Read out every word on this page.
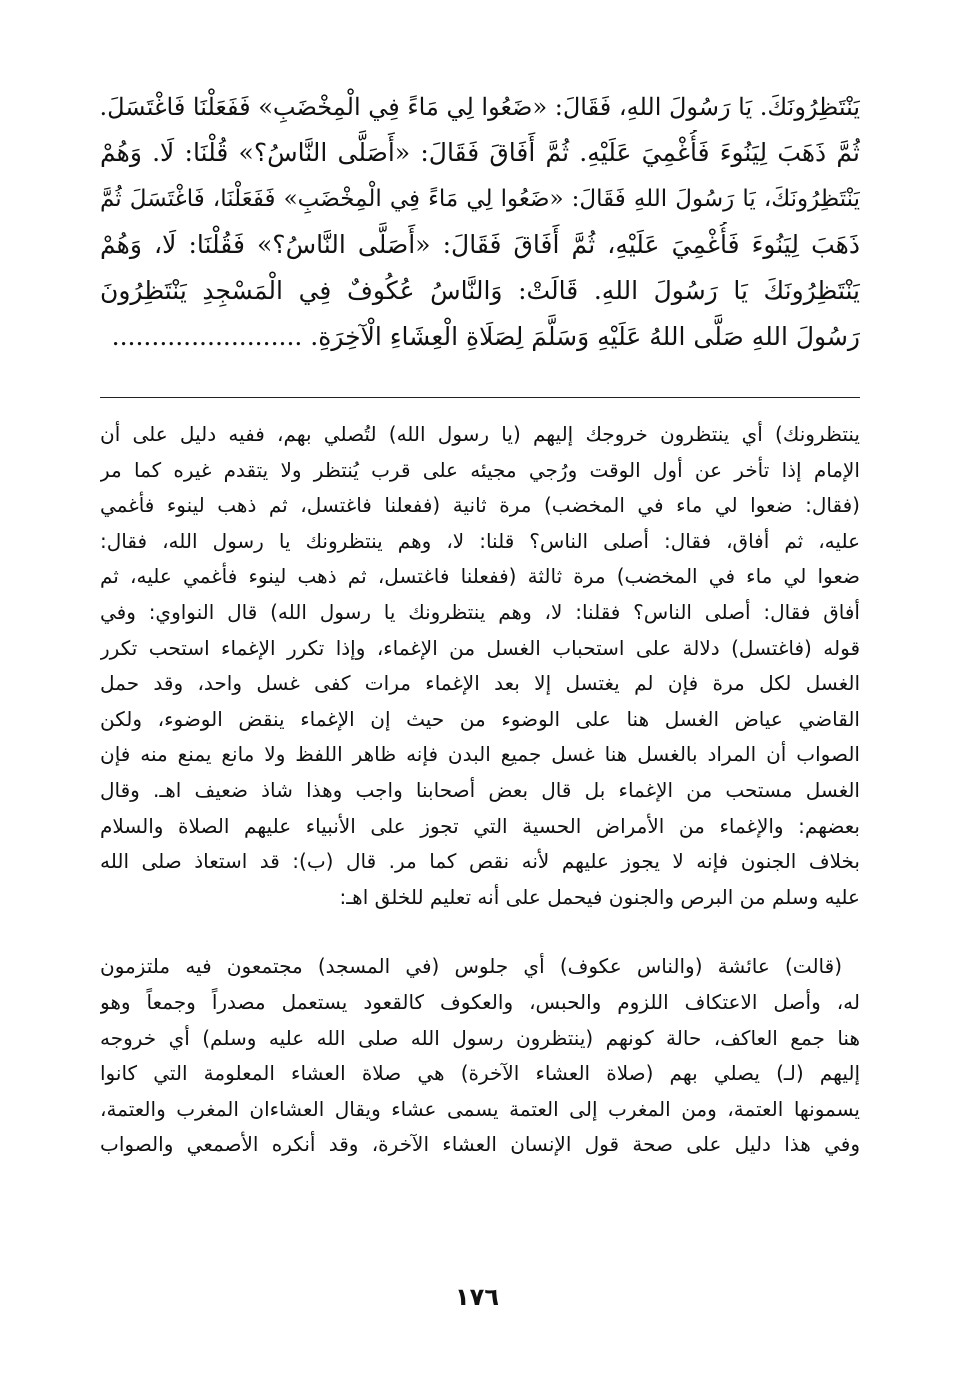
يَنْتَظِرُونَكَ. يَا رَسُولَ اللهِ، فَقَالَ: «ضَعُوا لِي مَاءً فِي الْمِخْضَبِ» فَفَعَلْنَا فَاغْتَسَلَ.

ثُمَّ ذَهَبَ لِيَنُوءَ فَأُغْمِيَ عَلَيْهِ. ثُمَّ أَفَاقَ فَقَالَ: «أَصَلَّى النَّاسُ؟» قُلْنَا: لَا. وَهُمْ

يَنْتَظِرُونَكَ، يَا رَسُولَ اللهِ فَقَالَ: «ضَعُوا لِي مَاءً فِي الْمِخْضَبِ» فَفَعَلْنَا، فَاغْتَسَلَ ثُمَّ

ذَهَبَ لِيَنُوءَ فَأُغْمِيَ عَلَيْهِ، ثُمَّ أَفَاقَ فَقَالَ: «أَصَلَّى النَّاسُ؟» فَقُلْنَا: لَا، وَهُمْ

يَنْتَظِرُونَكَ يَا رَسُولَ اللهِ. قَالَتْ: وَالنَّاسُ عُكُوفٌ فِي الْمَسْجِدِ يَنْتَظِرُونَ

رَسُولَ اللهِ صَلَّى اللهُ عَلَيْهِ وَسَلَّمَ لِصَلَاةِ الْعِشَاءِ الْآخِرَةِ. ........................

ينتظرونك) أي ينتظرون خروجك إليهم (يا رسول الله) لتُصلي بهم، ففيه دليل على أن

الإمام إذا تأخر عن أول الوقت ورُجي مجيئه على قرب يُنتظر ولا يتقدم غيره كما مر

(فقال: ضعوا لي ماء في المخضب) مرة ثانية (ففعلنا فاغتسل، ثم ذهب لينوء فأغمي

عليه، ثم أفاق، فقال: أصلى الناس؟ قلنا: لا، وهم ينتظرونك يا رسول الله، فقال:

ضعوا لي ماء في المخضب) مرة ثالثة (ففعلنا فاغتسل، ثم ذهب لينوء فأغمي عليه، ثم

أفاق فقال: أصلى الناس؟ فقلنا: لا، وهم ينتظرونك يا رسول الله) قال النواوي: وفي

قوله (فاغتسل) دلالة على استحباب الغسل من الإغماء، وإذا تكرر الإغماء استحب تكرر

الغسل لكل مرة فإن لم يغتسل إلا بعد الإغماء مرات كفى غسل واحد، وقد حمل

القاضي عياض الغسل هنا على الوضوء من حيث إن الإغماء ينقض الوضوء، ولكن

الصواب أن المراد بالغسل هنا غسل جميع البدن فإنه ظاهر اللفظ ولا مانع يمنع منه فإن

الغسل مستحب من الإغماء بل قال بعض أصحابنا واجب وهذا شاذ ضعيف اهـ. وقال

بعضهم: والإغماء من الأمراض الحسية التي تجوز على الأنبياء عليهم الصلاة والسلام

بخلاف الجنون فإنه لا يجوز عليهم لأنه نقص كما مر. قال (ب): قد استعاذ صلى الله

عليه وسلم من البرص والجنون فيحمل على أنه تعليم للخلق اهـ:

(قالت) عائشة (والناس عكوف) أي جلوس (في المسجد) مجتمعون فيه ملتزمون

له، وأصل الاعتكاف اللزوم والحبس، والعكوف كالقعود يستعمل مصدراً وجمعاً وهو

هنا جمع العاكف، حالة كونهم (ينتظرون رسول الله صلى الله عليه وسلم) أي خروجه

إليهم (لـ) يصلي بهم (صلاة العشاء الآخرة) هي صلاة العشاء المعلومة التي كانوا

يسمونها العتمة، ومن المغرب إلى العتمة يسمى عشاء ويقال العشاءان المغرب والعتمة،

وفي هذا دليل على صحة قول الإنسان العشاء الآخرة، وقد أنكره الأصمعي والصواب

١٧٦
